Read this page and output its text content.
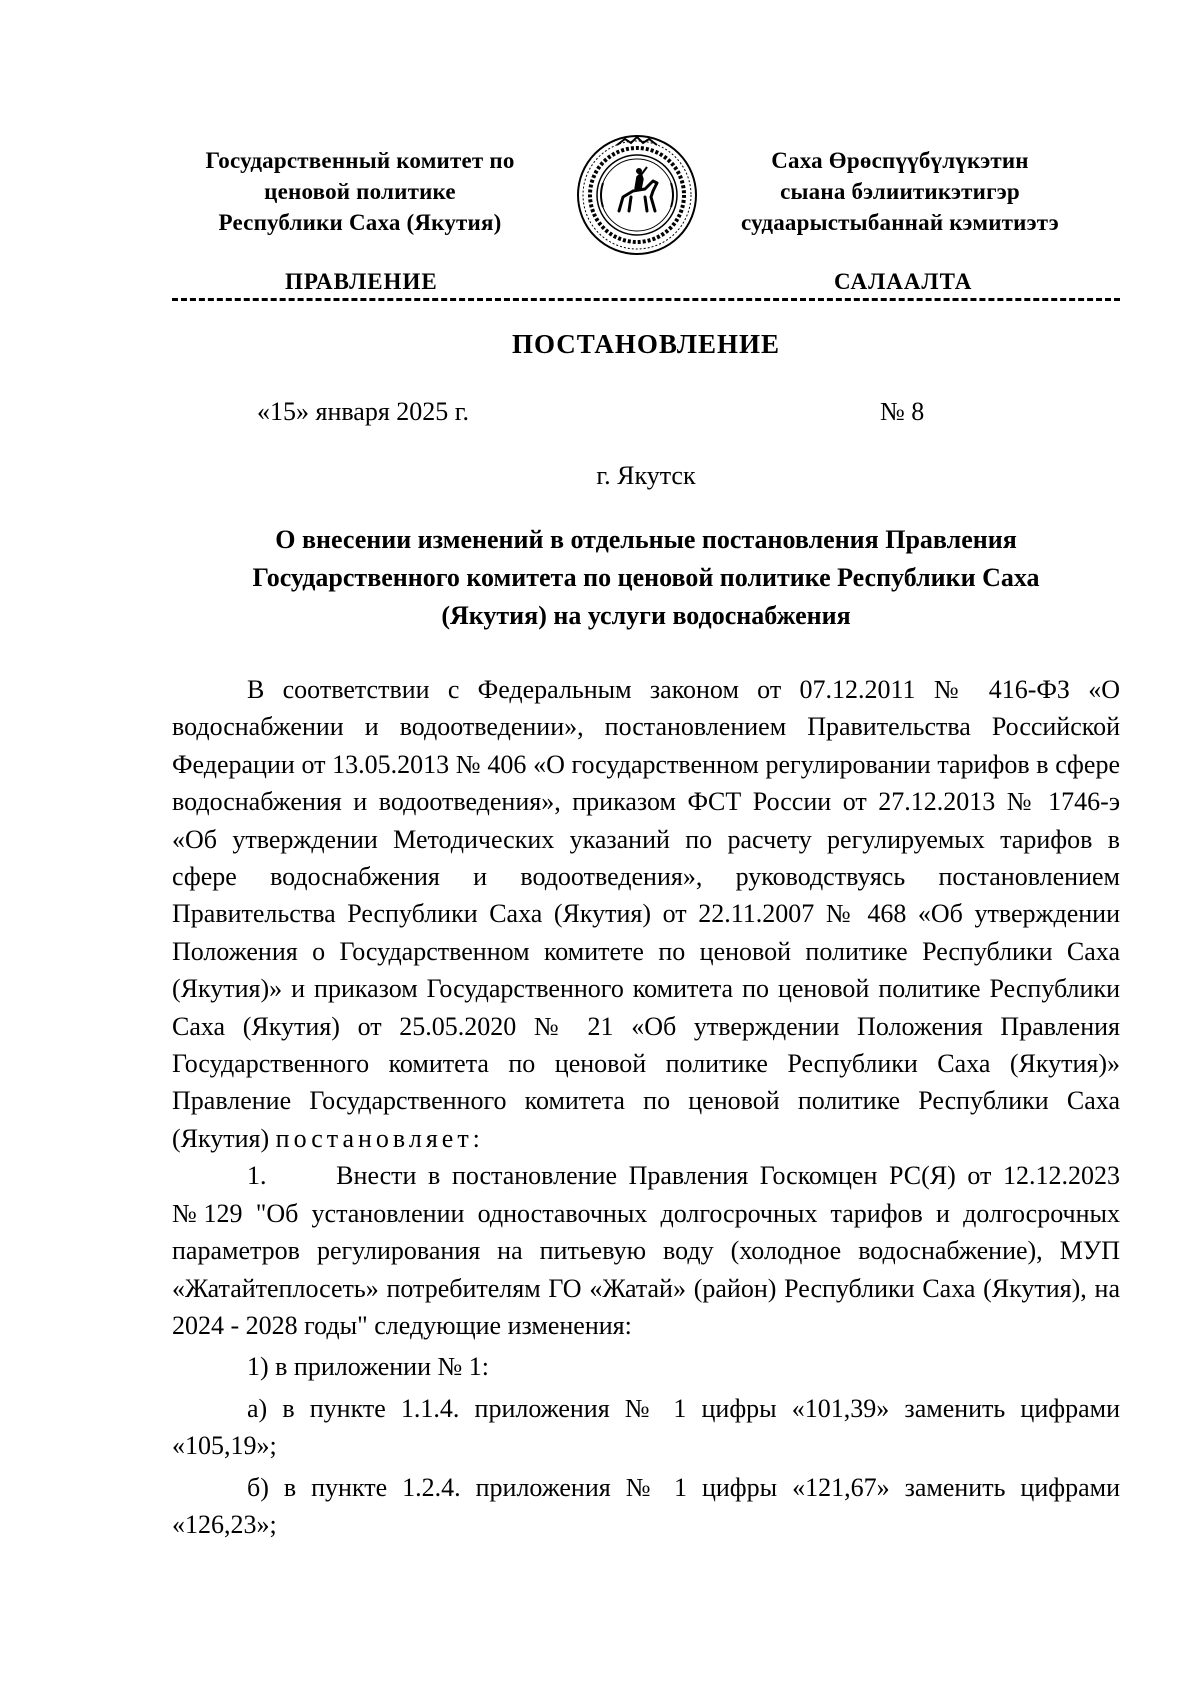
Государственный комитет по
ценовой политике
Республики Саха (Якутия)
Саха Өрөспүүбүлүкэтин
сыана бэлиитикэтигэр
судаарыстыбаннай кэмитиэтэ
ПРАВЛЕНИЕ	САЛААЛТА
ПОСТАНОВЛЕНИЕ
«15» января 2025 г.	№ 8
г. Якутск
О внесении изменений в отдельные постановления Правления
Государственного комитета по ценовой политике Республики Саха
(Якутия) на услуги водоснабжения

В соответствии с Федеральным законом от 07.12.2011 № 416-ФЗ «О водоснабжении и водоотведении», постановлением Правительства Российской Федерации от 13.05.2013 № 406 «О государственном регулировании тарифов в сфере водоснабжения и водоотведения», приказом ФСТ России от 27.12.2013 № 1746-э «Об утверждении Методических указаний по расчету регулируемых тарифов в сфере водоснабжения и водоотведения», руководствуясь постановлением Правительства Республики Саха (Якутия) от 22.11.2007 № 468 «Об утверждении Положения о Государственном комитете по ценовой политике Республики Саха (Якутия)» и приказом Государственного комитета по ценовой политике Республики Саха (Якутия) от 25.05.2020 № 21 «Об утверждении Положения Правления Государственного комитета по ценовой политике Республики Саха (Якутия)» Правление Государственного комитета по ценовой политике Республики Саха (Якутия) постановляет:

1.      Внести в постановление Правления Госкомцен РС(Я) от 12.12.2023 №129 "Об установлении одноставочных долгосрочных тарифов и долгосрочных параметров регулирования на питьевую воду (холодное водоснабжение), МУП «Жатайтеплосеть» потребителям ГО «Жатай» (район) Республики Саха (Якутия), на 2024 - 2028 годы" следующие изменения:

1) в приложении № 1:

а) в пункте 1.1.4. приложения № 1 цифры «101,39» заменить цифрами «105,19»;

б) в пункте 1.2.4. приложения № 1 цифры «121,67» заменить цифрами «126,23»;
